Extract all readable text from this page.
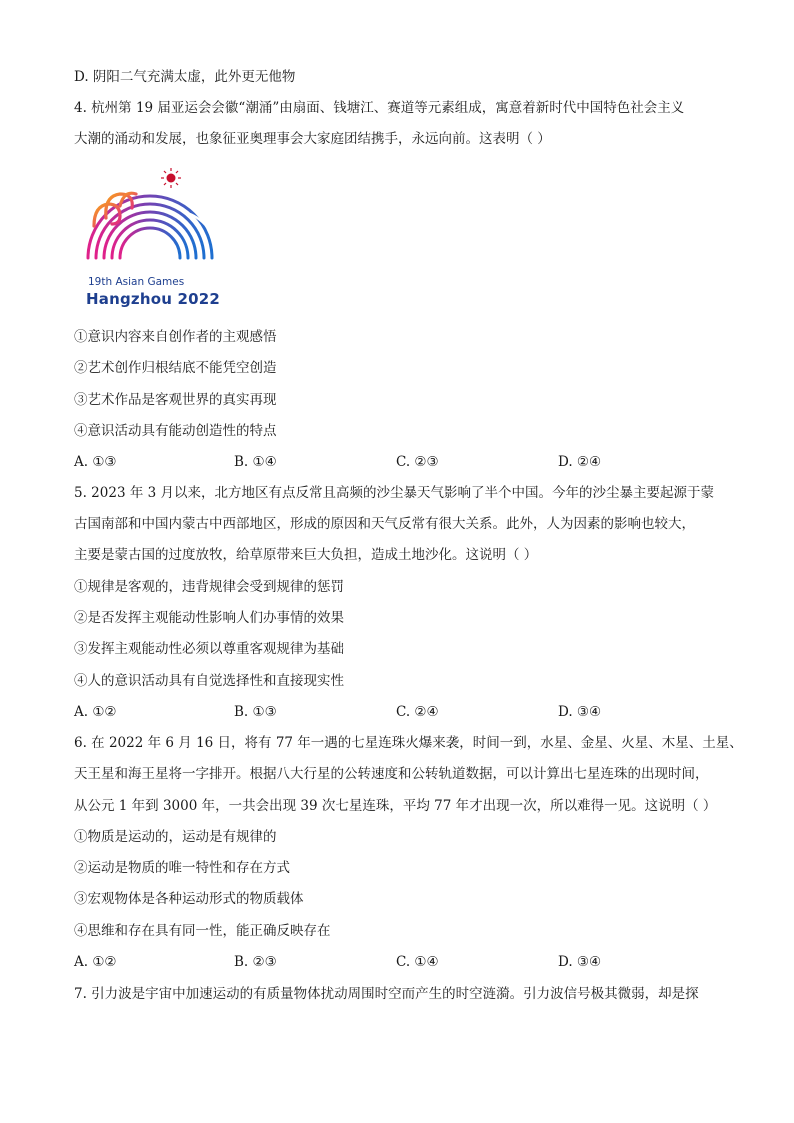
D. 阴阳二气充满太虚，此外更无他物
4. 杭州第 19 届亚运会会徽“潮涌”由扇面、钱塘江、赛道等元素组成，寓意着新时代中国特色社会主义
大潮的涌动和发展，也象征亚奥理事会大家庭团结携手，永远向前。这表明（ ）
19th Asian Games
Hangzhou 2022
①意识内容来自创作者的主观感悟
②艺术创作归根结底不能凭空创造
③艺术作品是客观世界的真实再现
④意识活动具有能动创造性的特点
A. ①③	B. ①④	C. ②③	D. ②④
5. 2023 年 3 月以来，北方地区有点反常且高频的沙尘暴天气影响了半个中国。今年的沙尘暴主要起源于蒙
古国南部和中国内蒙古中西部地区，形成的原因和天气反常有很大关系。此外，人为因素的影响也较大，
主要是蒙古国的过度放牧，给草原带来巨大负担，造成土地沙化。这说明（ ）
①规律是客观的，违背规律会受到规律的惩罚
②是否发挥主观能动性影响人们办事情的效果
③发挥主观能动性必须以尊重客观规律为基础
④人的意识活动具有自觉选择性和直接现实性
A. ①②	B. ①③	C. ②④	D. ③④
6. 在 2022 年 6 月 16 日，将有 77 年一遇的七星连珠火爆来袭，时间一到，水星、金星、火星、木星、土星、
天王星和海王星将一字排开。根据八大行星的公转速度和公转轨道数据，可以计算出七星连珠的出现时间，
从公元 1 年到 3000 年，一共会出现 39 次七星连珠，平均 77 年才出现一次，所以难得一见。这说明（ ）
①物质是运动的，运动是有规律的
②运动是物质的唯一特性和存在方式
③宏观物体是各种运动形式的物质载体
④思维和存在具有同一性，能正确反映存在
A. ①②	B. ②③	C. ①④	D. ③④
7. 引力波是宇宙中加速运动的有质量物体扰动周围时空而产生的时空涟漪。引力波信号极其微弱，却是探
